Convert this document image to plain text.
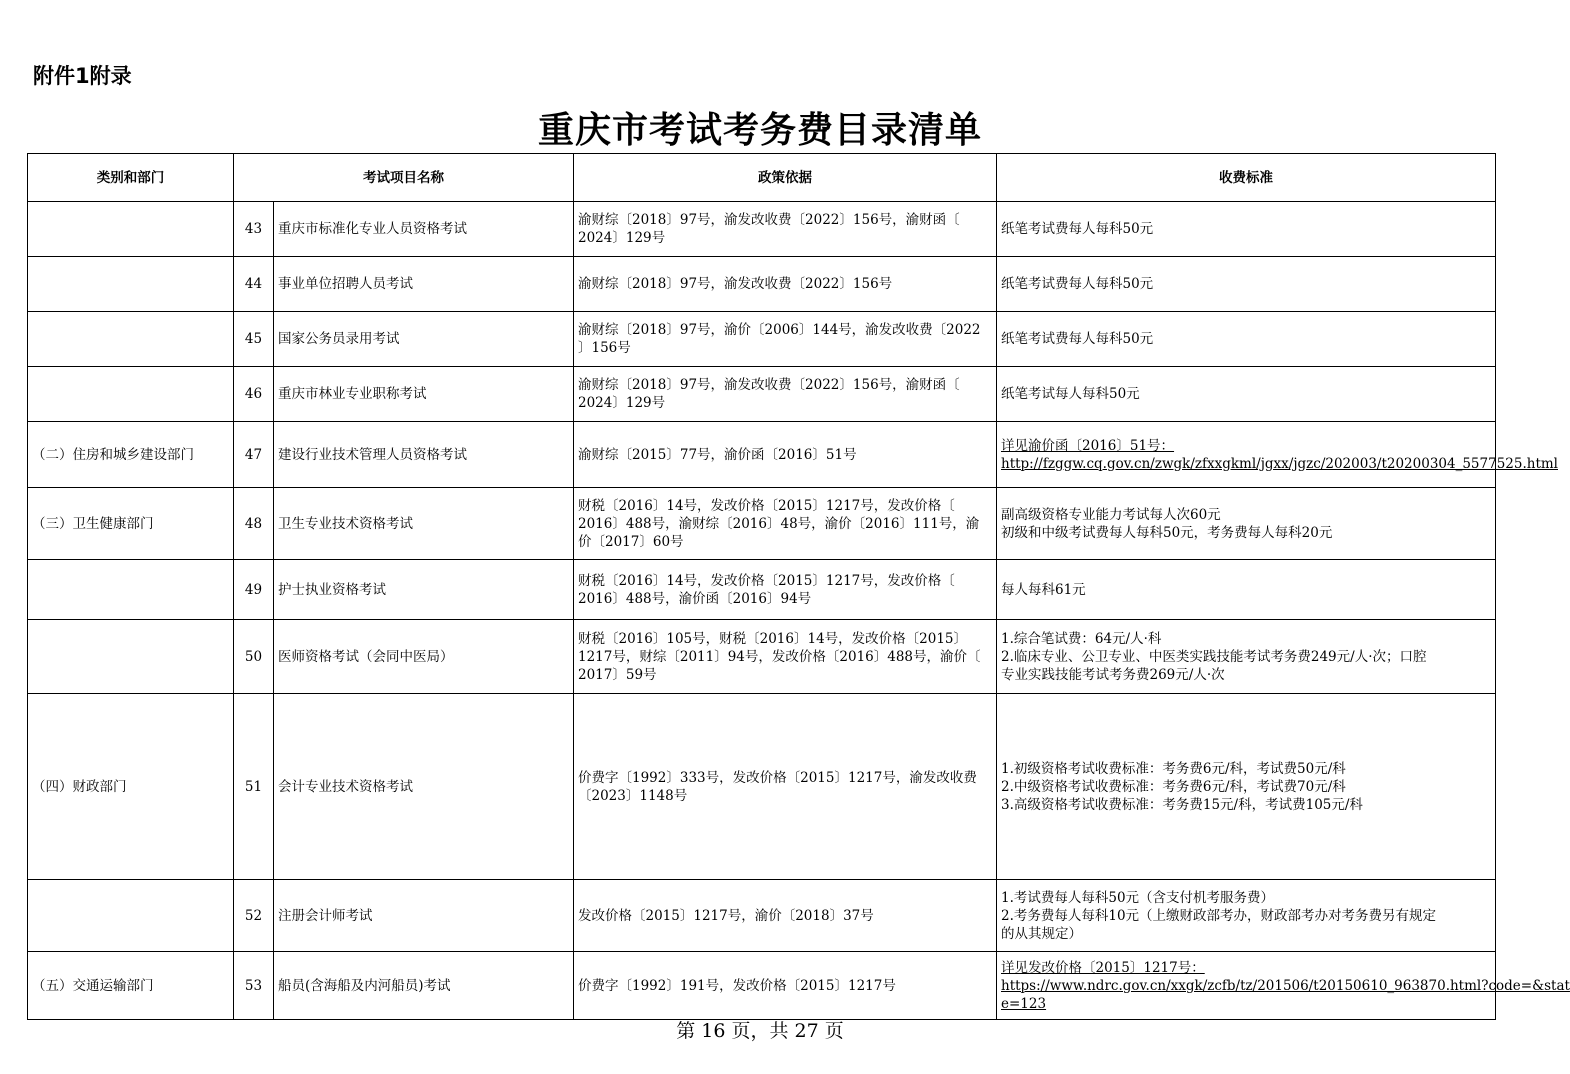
附件1附录
重庆市考试考务费目录清单
类别和部门	考试项目名称		政策依据	收费标准
	43	重庆市标准化专业人员资格考试	渝财综〔2018〕97号，渝发改收费〔2022〕156号，渝财函〔
2024〕129号	纸笔考试费每人每科50元

	44	事业单位招聘人员考试	渝财综〔2018〕97号，渝发改收费〔2022〕156号	纸笔考试费每人每科50元

	45	国家公务员录用考试	渝财综〔2018〕97号，渝价〔2006〕144号，渝发改收费〔2022
〕156号	纸笔考试费每人每科50元

	46	重庆市林业专业职称考试	渝财综〔2018〕97号，渝发改收费〔2022〕156号，渝财函〔
2024〕129号	纸笔考试每人每科50元

（二）住房和城乡建设部门	47	建设行业技术管理人员资格考试	渝财综〔2015〕77号，渝价函〔2016〕51号	详见渝价函〔2016〕51号：
http://fzggw.cq.gov.cn/zwgk/zfxxgkml/jgxx/jgzc/202003/t20200304_5577525.html

（三）卫生健康部门	48	卫生专业技术资格考试	财税〔2016〕14号，发改价格〔2015〕1217号，发改价格〔
2016〕488号，渝财综〔2016〕48号，渝价〔2016〕111号，渝
价〔2017〕60号	副高级资格专业能力考试每人次60元
初级和中级考试费每人每科50元，考务费每人每科20元

	49	护士执业资格考试	财税〔2016〕14号，发改价格〔2015〕1217号，发改价格〔
2016〕488号，渝价函〔2016〕94号	每人每科61元

	50	医师资格考试（会同中医局）	财税〔2016〕105号，财税〔2016〕14号，发改价格〔2015〕
1217号，财综〔2011〕94号，发改价格〔2016〕488号，渝价〔
2017〕59号	1.综合笔试费：64元/人·科
2.临床专业、公卫专业、中医类实践技能考试考务费249元/人·次；口腔
专业实践技能考试考务费269元/人·次

（四）财政部门	51	会计专业技术资格考试	价费字〔1992〕333号，发改价格〔2015〕1217号，渝发改收费
〔2023〕1148号	1.初级资格考试收费标准：考务费6元/科，考试费50元/科
2.中级资格考试收费标准：考务费6元/科，考试费70元/科
3.高级资格考试收费标准：考务费15元/科，考试费105元/科

	52	注册会计师考试	发改价格〔2015〕1217号，渝价〔2018〕37号	1.考试费每人每科50元（含支付机考服务费）
2.考务费每人每科10元（上缴财政部考办，财政部考办对考务费另有规定
的从其规定）

（五）交通运输部门	53	船员(含海船及内河船员)考试	价费字〔1992〕191号，发改价格〔2015〕1217号	详见发改价格〔2015〕1217号：
https://www.ndrc.gov.cn/xxgk/zcfb/tz/201506/t20150610_963870.html?code=&stat
e=123
第 16 页，共 27 页
